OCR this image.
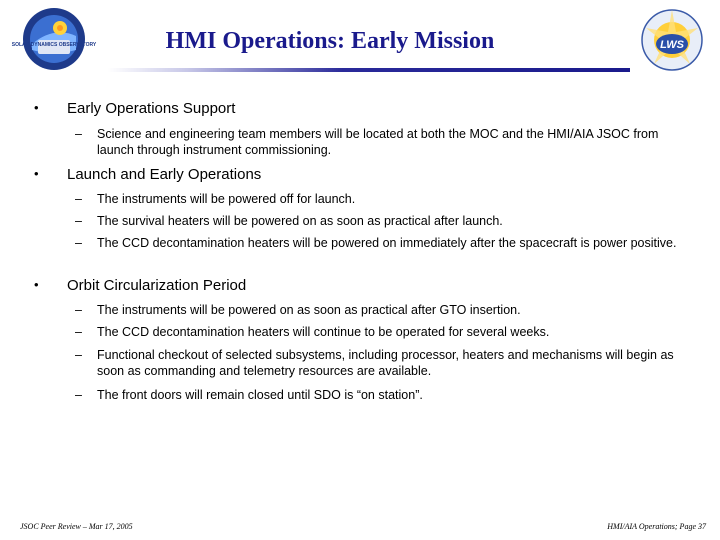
SOLAR DYNAMICS OBSERVATORY	HMI Operations: Early Mission	LWS
• Early Operations Support
– Science and engineering team members will be located at both the MOC and the HMI/AIA JSOC from launch through instrument commissioning.
• Launch and Early Operations
– The instruments will be powered off for launch.
– The survival heaters will be powered on as soon as practical after launch.
– The CCD decontamination heaters will be powered on immediately after the spacecraft is power positive.
• Orbit Circularization Period
– The instruments will be powered on as soon as practical after GTO insertion.
– The CCD decontamination heaters will continue to be operated for several weeks.
– Functional checkout of selected subsystems, including processor, heaters and mechanisms will begin as soon as commanding and telemetry resources are available.
– The front doors will remain closed until SDO is “on station”.
JSOC Peer Review – Mar 17, 2005	HMI/AIA Operations; Page 37
